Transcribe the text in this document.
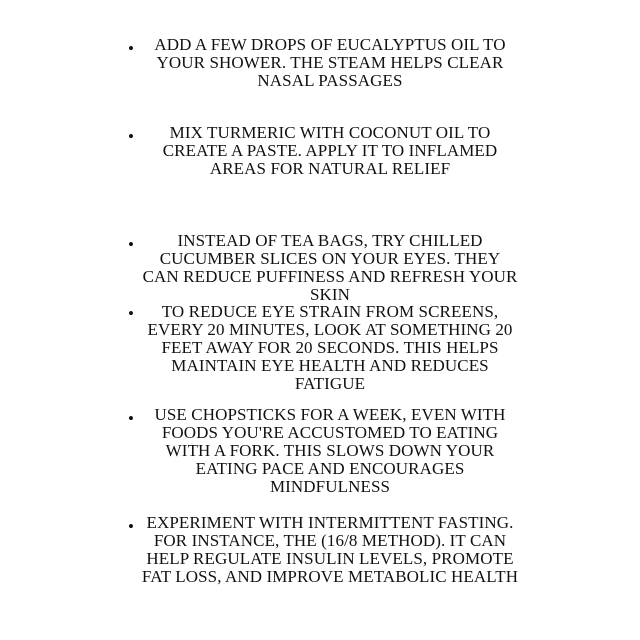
•	ADD A FEW DROPS OF EUCALYPTUS OIL TO YOUR SHOWER. THE STEAM HELPS CLEAR NASAL PASSAGES
•	MIX TURMERIC WITH COCONUT OIL TO CREATE A PASTE. APPLY IT TO INFLAMED AREAS FOR NATURAL RELIEF
•	INSTEAD OF TEA BAGS, TRY CHILLED CUCUMBER SLICES ON YOUR EYES. THEY CAN REDUCE PUFFINESS AND REFRESH YOUR SKIN
•	TO REDUCE EYE STRAIN FROM SCREENS, EVERY 20 MINUTES, LOOK AT SOMETHING 20 FEET AWAY FOR 20 SECONDS. THIS HELPS MAINTAIN EYE HEALTH AND REDUCES FATIGUE
•	USE CHOPSTICKS FOR A WEEK, EVEN WITH FOODS YOU'RE ACCUSTOMED TO EATING WITH A FORK. THIS SLOWS DOWN YOUR EATING PACE AND ENCOURAGES MINDFULNESS
• EXPERIMENT WITH INTERMITTENT FASTING. FOR INSTANCE, THE (16/8 METHOD). IT CAN HELP REGULATE INSULIN LEVELS, PROMOTE FAT LOSS, AND IMPROVE METABOLIC HEALTH
